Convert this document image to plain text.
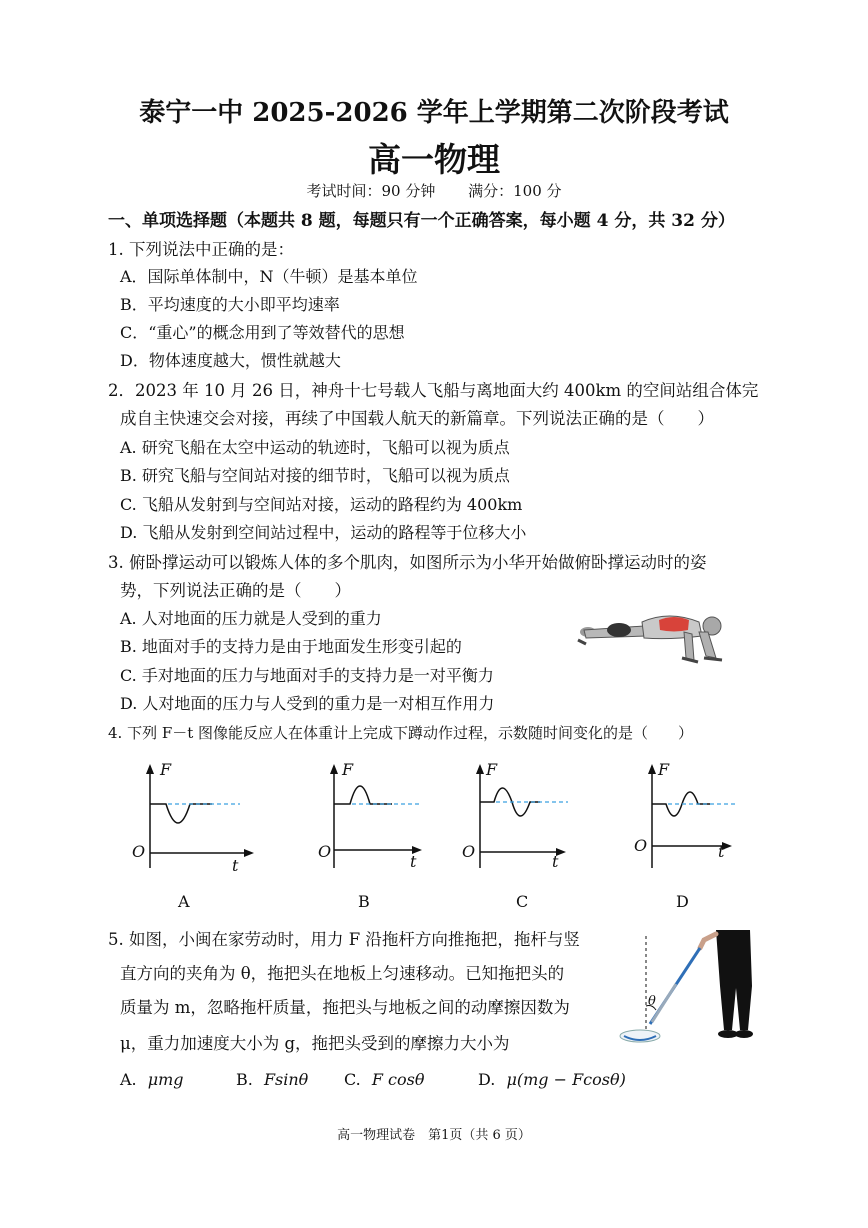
泰宁一中 2025-2026 学年上学期第二次阶段考试
高一物理
考试时间：90 分钟 满分：100 分
一、单项选择题（本题共 8 题，每题只有一个正确答案，每小题 4 分，共 32 分）
1. 下列说法中正确的是：
A．国际单体制中，N（牛顿）是基本单位
B．平均速度的大小即平均速率
C．“重心”的概念用到了等效替代的思想
D．物体速度越大，惯性就越大
2．2023 年 10 月 26 日，神舟十七号载人飞船与离地面大约 400km 的空间站组合体完
成自主快速交会对接，再续了中国载人航天的新篇章。下列说法正确的是（　　）
A. 研究飞船在太空中运动的轨迹时，飞船可以视为质点
B. 研究飞船与空间站对接的细节时，飞船可以视为质点
C. 飞船从发射到与空间站对接，运动的路程约为 400km
D. 飞船从发射到空间站过程中，运动的路程等于位移大小
3. 俯卧撑运动可以锻炼人体的多个肌肉，如图所示为小华开始做俯卧撑运动时的姿
势，下列说法正确的是（　　）
A. 人对地面的压力就是人受到的重力
B. 地面对手的支持力是由于地面发生形变引起的
C. 手对地面的压力与地面对手的支持力是一对平衡力
D. 人对地面的压力与人受到的重力是一对相互作用力
4. 下列 F－t 图像能反应人在体重计上完成下蹲动作过程，示数随时间变化的是（　　）
F
O
t
A
F
O
t
B
F
O
t
C
F
O	t
D
5. 如图，小闽在家劳动时，用力 F 沿拖杆方向推拖把，拖杆与竖
直方向的夹角为 θ，拖把头在地板上匀速移动。已知拖把头的
质量为 m，忽略拖杆质量，拖把头与地板之间的动摩擦因数为
μ，重力加速度大小为 g，拖把头受到的摩擦力大小为
θ
A. μmg	B. Fsinθ C. F cosθ	D. μ(mg − Fcosθ)
高一物理试卷　第1页（共 6 页）
